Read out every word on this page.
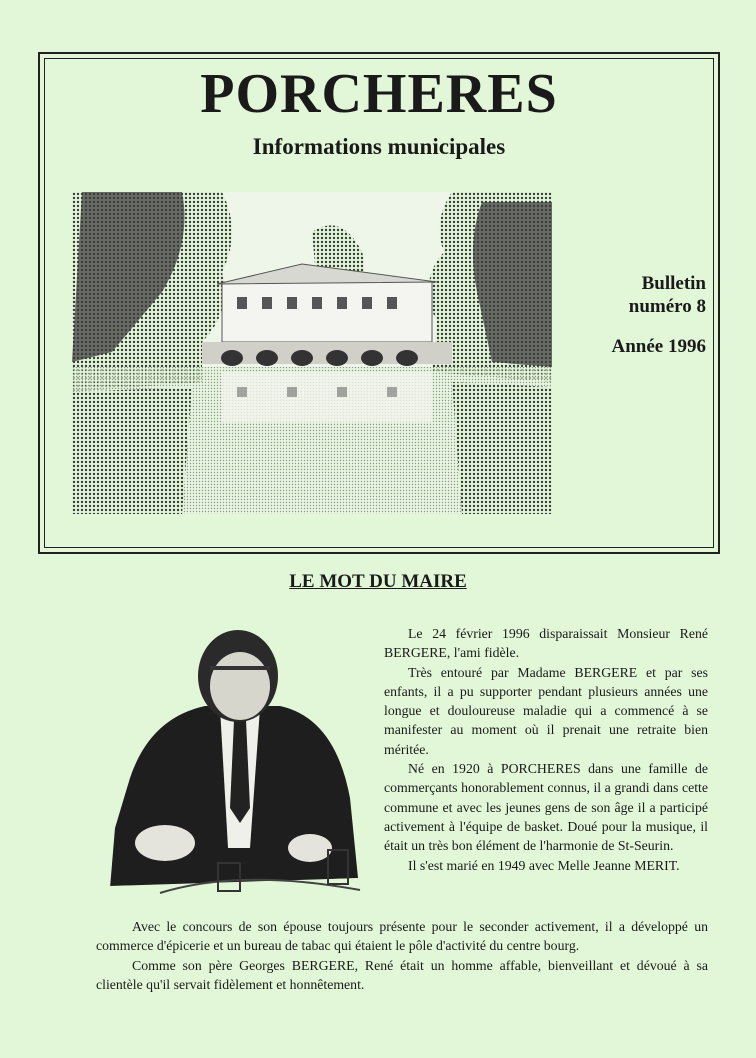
PORCHERES
Informations municipales
Bulletin
numéro 8
Année 1996
LE MOT DU MAIRE

Le 24 février 1996 disparaissait Monsieur René BERGERE, l'ami fidèle.

Très entouré par Madame BERGERE et par ses enfants, il a pu supporter pendant plusieurs années une longue et douloureuse maladie qui a commencé à se manifester au moment où il prenait une retraite bien méritée.

Né en 1920 à PORCHERES dans une famille de commerçants honorablement connus, il a grandi dans cette commune et avec les jeunes gens de son âge il a participé activement à l'équipe de basket. Doué pour la musique, il était un très bon élément de l'harmonie de St-Seurin.

Il s'est marié en 1949 avec Melle Jeanne MERIT.

Avec le concours de son épouse toujours présente pour le seconder activement, il a développé un commerce d'épicerie et un bureau de tabac qui étaient le pôle d'activité du centre bourg.

Comme son père Georges BERGERE, René était un homme affable, bienveillant et dévoué à sa clientèle qu'il servait fidèlement et honnêtement.
